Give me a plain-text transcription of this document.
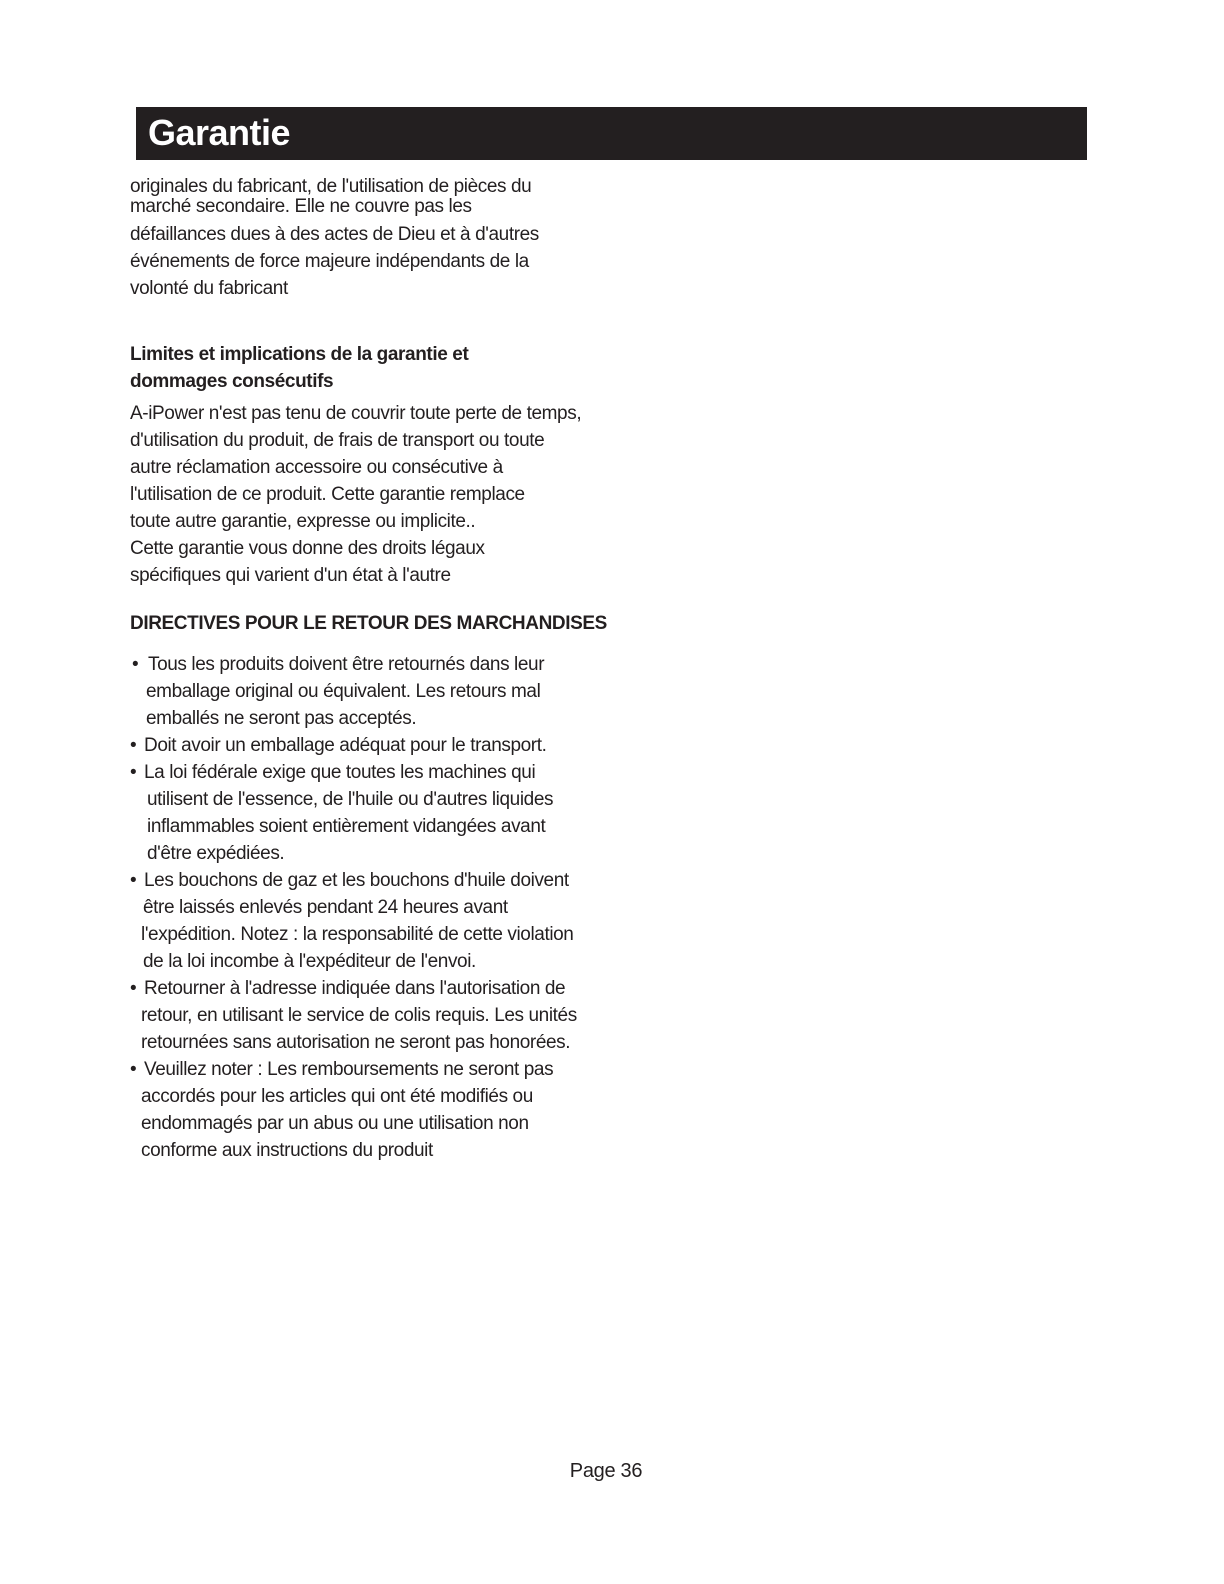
Garantie
originales du fabricant, de l'utilisation de pièces du
marché secondaire. Elle ne couvre pas les
défaillances dues à des actes de Dieu et à d'autres
événements de force majeure indépendants de la
volonté du fabricant
Limites et implications de la garantie et
dommages consécutifs
A-iPower n'est pas tenu de couvrir toute perte de temps,
d'utilisation du produit, de frais de transport ou toute
autre réclamation accessoire ou consécutive à
l'utilisation de ce produit. Cette garantie remplace
toute autre garantie, expresse ou implicite..
Cette garantie vous donne des droits légaux
spécifiques qui varient d'un état à l'autre
DIRECTIVES POUR LE RETOUR DES MARCHANDISES
• Tous les produits doivent être retournés dans leur
emballage original ou équivalent. Les retours mal
emballés ne seront pas acceptés.
• Doit avoir un emballage adéquat pour le transport.
• La loi fédérale exige que toutes les machines qui
utilisent de l'essence, de l'huile ou d'autres liquides
inflammables soient entièrement vidangées avant
d'être expédiées.
• Les bouchons de gaz et les bouchons d'huile doivent
être laissés enlevés pendant 24 heures avant
l'expédition. Notez : la responsabilité de cette violation
de la loi incombe à l'expéditeur de l'envoi.
• Retourner à l'adresse indiquée dans l'autorisation de
retour, en utilisant le service de colis requis. Les unités
retournées sans autorisation ne seront pas honorées.
• Veuillez noter : Les remboursements ne seront pas
accordés pour les articles qui ont été modifiés ou
endommagés par un abus ou une utilisation non
conforme aux instructions du produit
Page 36
